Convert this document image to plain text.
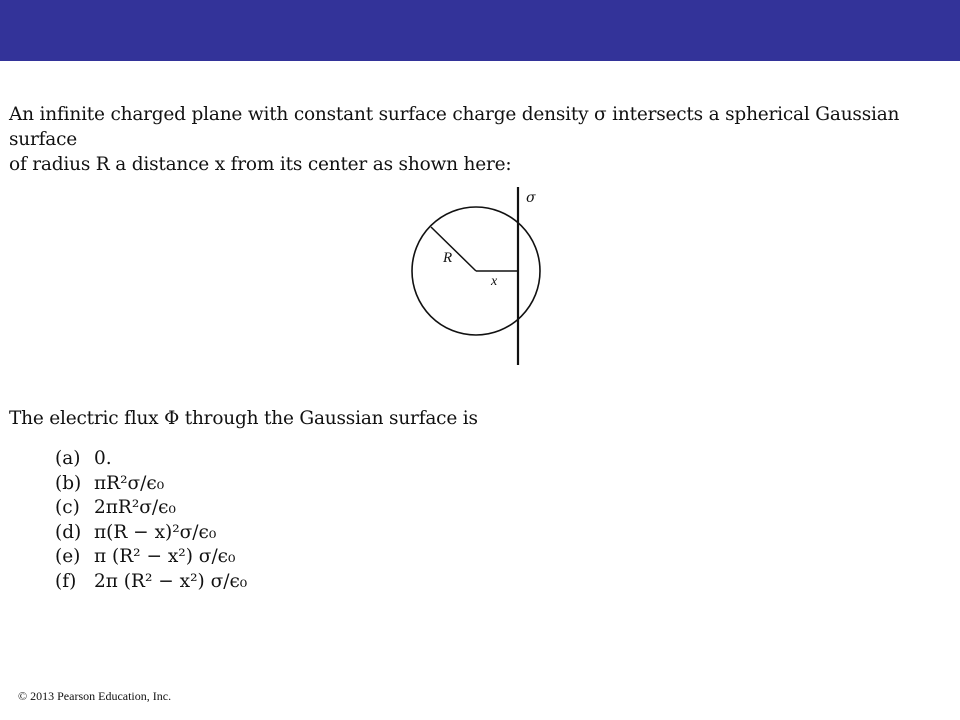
An infinite charged plane with constant surface charge density σ intersects a spherical Gaussian surface
of radius R a distance x from its center as shown here:
σ
R
x
The electric flux Φ through the Gaussian surface is
(a) 0.
(b) πR²σ/ϵ₀
(c) 2πR²σ/ϵ₀
(d) π(R − x)²σ/ϵ₀
(e) π (R² − x²) σ/ϵ₀
(f) 2π (R² − x²) σ/ϵ₀
© 2013 Pearson Education, Inc.
